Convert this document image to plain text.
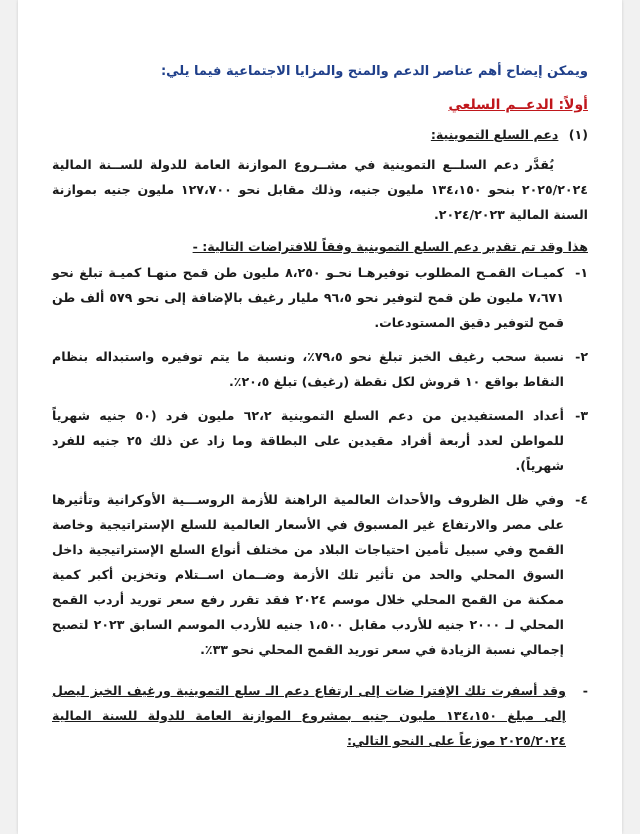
ويمكن إيضاح أهم عناصر الدعم والمنح والمزايا الاجتماعية فيما يلي:

أولاً: الدعــم السلعي

(١) دعم السلع التموينية:

يُقدَّر دعم السلــع التموينية في مشــروع الموازنة العامة للدولة للســنة المالية ٢٠٢٥/٢٠٢٤ بنحو ١٣٤،١٥٠ مليون جنيه، وذلك مقابل نحو ١٢٧،٧٠٠ مليون جنيه بموازنة السنة المالية ٢٠٢٤/٢٠٢٣.

هذا وقد تم تقدير دعم السلع التموينية وفقاً للافتراضات التالية: -

١-
كميـات القمـح المطلوب توفيرهـا نحـو ٨،٢٥٠ مليون طن قمح منهـا كميـة تبلغ نحو ٧،٦٧١ مليون طن قمح لتوفير نحو ٩٦،٥ مليار رغيف بالإضافة إلى نحو ٥٧٩ ألف طن قمح لتوفير دقيق المستودعات.
٢-
نسبة سحب رغيف الخبز تبلغ نحو ٧٩،٥٪، ونسبة ما يتم توفيره واستبداله بنظام النقاط بواقع ١٠ قروش لكل نقطة (رغيف) تبلغ ٢٠،٥٪.
٣-
أعداد المستفيدين من دعم السلع التموينية ٦٢،٢ مليون فرد (٥٠ جنيه شهرياً للمواطن لعدد أربعة أفراد مقيدين على البطاقة وما زاد عن ذلك ٢٥ جنيه للفرد شهرياً).
٤-
وفي ظل الظروف والأحداث العالمية الراهنة للأزمة الروســـية الأوكرانية وتأثيرها على مصر والارتفاع غير المسبوق في الأسعار العالمية للسلع الإستراتيجية وخاصة القمح وفي سبيل تأمين احتياجات البلاد من مختلف أنواع السلع الإستراتيجية داخل السوق المحلي والحد من تأثير تلك الأزمة وضــمان اســتلام وتخزين أكبر كمية ممكنة من القمح المحلي خلال موسم ٢٠٢٤ فقد تقرر رفع سعر توريد أردب القمح المحلي لـ ٢٠٠٠ جنيه للأردب مقابل ١،٥٠٠ جنيه للأردب الموسم السابق ٢٠٢٣ لتصبح إجمالي نسبة الزيادة في سعر توريد القمح المحلي نحو ٣٣٪.
-
وقد أسفرت تلك الإفترا ضات إلى ارتفاع دعم الـ سلع التموينية ورغيف الخبز ليصل إلى مبلغ ١٣٤،١٥٠ مليون جنيه بمشروع الموازنة العامة للدولة للسنة المالية ٢٠٢٥/٢٠٢٤ موزعاً على النحو التالي:
